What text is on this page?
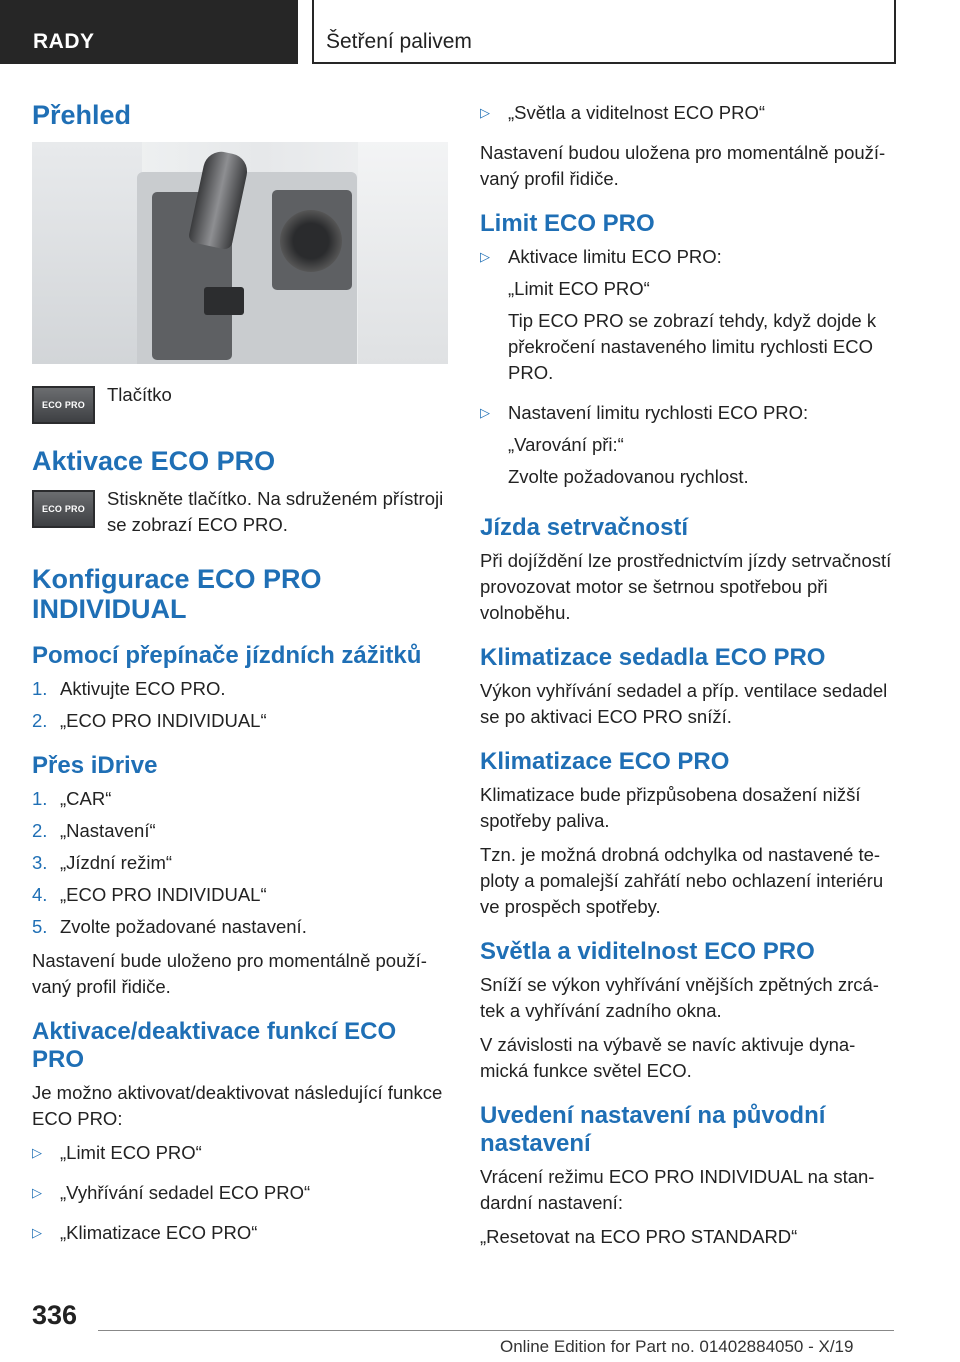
RADY	Šetření palivem
Přehled
ECO PRO Tlačítko

Aktivace ECO PRO
ECO PRO Stiskněte tlačítko. Na sdruženém přístroji se zobrazí ECO PRO.

Konfigurace ECO PRO INDIVIDUAL
Pomocí přepínače jízdních zážitků
1. Aktivujte ECO PRO.
2. „ECO PRO INDIVIDUAL“
Přes iDrive
1. „CAR“
2. „Nastavení“
3. „Jízdní režim“
4. „ECO PRO INDIVIDUAL“
5. Zvolte požadované nastavení.

Nastavení bude uloženo pro momentálně používaný profil řidiče.

Aktivace/deaktivace funkcí ECO PRO

Je možno aktivovat/deaktivovat následující funkce ECO PRO:

▷ „Limit ECO PRO“

▷ „Vyhřívání sedadel ECO PRO“

▷ „Klimatizace ECO PRO“

▷ „Světla a viditelnost ECO PRO“

Nastavení budou uložena pro momentálně používaný profil řidiče.

Limit ECO PRO
▷ Aktivace limitu ECO PRO:

„Limit ECO PRO“

Tip ECO PRO se zobrazí tehdy, když dojde k překročení nastaveného limitu rychlosti ECO PRO.

▷ Nastavení limitu rychlosti ECO PRO:

„Varování při:“

Zvolte požadovanou rychlost.

Jízda setrvačností

Při dojíždění lze prostřednictvím jízdy setrvačností provozovat motor se šetrnou spotřebou při volnoběhu.

Klimatizace sedadla ECO PRO

Výkon vyhřívání sedadel a příp. ventilace sedadel se po aktivaci ECO PRO sníží.

Klimatizace ECO PRO

Klimatizace bude přizpůsobena dosažení nižší spotřeby paliva.

Tzn. je možná drobná odchylka od nastavené teploty a pomalejší zahřátí nebo ochlazení interiéru ve prospěch spotřeby.

Světla a viditelnost ECO PRO

Sníží se výkon vyhřívání vnějších zpětných zrcátek a vyhřívání zadního okna.

V závislosti na výbavě se navíc aktivuje dynamická funkce světel ECO.

Uvedení nastavení na původní nastavení

Vrácení režimu ECO PRO INDIVIDUAL na standardní nastavení:

„Resetovat na ECO PRO STANDARD“

336
Online Edition for Part no. 01402884050 - X/19
